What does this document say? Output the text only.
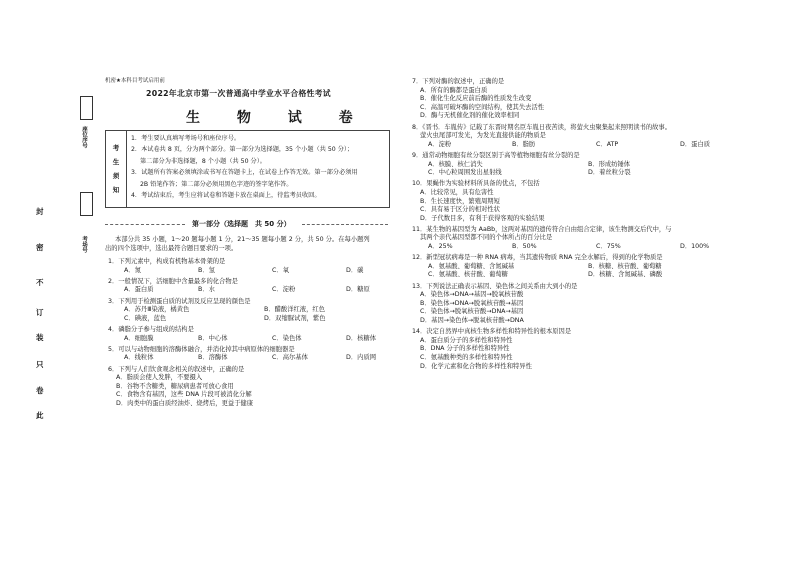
座位序号
考场号
封
密
不
订
装
只
卷
此
机密★本科目考试启用前
2022年北京市第一次普通高中学业水平合格性考试
生 物 试 卷
考
生
须
知
1．考生要认真填写考场号和座位序号。
2．本试卷共 8 页，分为两个部分。第一部分为选择题，35 个小题（共 50 分）；
第二部分为非选择题，8 个小题（共 50 分）。
3．试题所有答案必须填涂或书写在答题卡上，在试卷上作答无效。第一部分必须用
2B 铅笔作答；第二部分必须用黑色字迹的签字笔作答。
4．考试结束后，考生应将试卷和答题卡放在桌面上，待监考员收回。
第一部分（选择题　共 50 分）
本部分共 35 小题，1～20 题每小题 1 分，21～35 题每小题 2 分，共 50 分。在每小题列
出的四个选项中，选出最符合题目要求的一项。
1．下列元素中，构成有机物基本骨架的是
A．氮	B．氢	C．氧	D．碳
2．一般情况下，活细胞中含量最多的化合物是
A．蛋白质	B．水	C．淀粉	D．糖原
3．下列用于检测蛋白质的试剂及反应呈现的颜色是
A．苏丹Ⅲ染液，橘黄色	B．醋酸洋红液，红色
C．碘液，蓝色	D．双缩脲试剂，紫色
4．磷脂分子参与组成的结构是
A．细胞膜	B．中心体	C．染色体	D．核糖体
5．可以与动物细胞的溶酶体融合，并消化掉其中病原体的细胞器是
A．线粒体	B．溶酶体	C．高尔基体	D．内质网
6．下列与人们饮食观念相关的叙述中，正确的是
A．脂质会使人发胖，不要摄入
B．谷物不含糖类，糖尿病患者可放心食用
C．食物含有基因，这些 DNA 片段可被消化分解
D．肉类中的蛋白质经油炸、烧烤后，更益于健康
7．下列对酶的叙述中，正确的是
A．所有的酶都是蛋白质
B．催化生化反应前后酶的性质发生改变
C．高温可破坏酶的空间结构，使其失去活性
D．酶与无机催化剂的催化效率相同
8．《晋书．车胤传》记载了东晋时期名臣车胤日夜苦读，将萤火虫聚集起来照明读书的故事。
萤火虫尾部可发光，为发光直接供能的物质是
A．淀粉	B．脂肪	C．ATP	D．蛋白质
9．通常动物细胞有丝分裂区别于高等植物细胞有丝分裂的是
A．核膜、核仁消失	B．形成纺锤体
C．中心粒周围发出星射线	D．着丝粒分裂
10．果蝇作为实验材料所具备的优点，不包括
A．比较常见，具有危害性
B．生长速度快，繁殖周期短
C．具有易于区分的相对性状
D．子代数目多，有利于获得客观的实验结果
11．某生物的基因型为 AaBb，这两对基因的遗传符合自由组合定律，该生物测交后代中，与
其两个亲代基因型都不同的个体所占的百分比是
A．25%	B．50%	C．75%	D．100%
12．新型冠状病毒是一种 RNA 病毒，当其遗传物质 RNA 完全水解后，得到的化学物质是
A．氨基酸、葡萄糖、含氮碱基	B．核糖、核苷酸、葡萄糖
C．氨基酸、核苷酸、葡萄糖	D．核糖、含氮碱基、磷酸
13．下列说法正确表示基因、染色体之间关系由大到小的是
A．染色体→DNA→基因→脱氧核苷酸
B．染色体→DNA→脱氧核苷酸→基因
C．染色体→脱氧核苷酸→DNA→基因
D．基因→染色体→脱氧核苷酸→DNA
14．决定自然界中真核生物多样性和特异性的根本原因是
A．蛋白质分子的多样性和特异性
B．DNA 分子的多样性和特异性
C．氨基酸种类的多样性和特异性
D．化学元素和化合物的多样性和特异性
